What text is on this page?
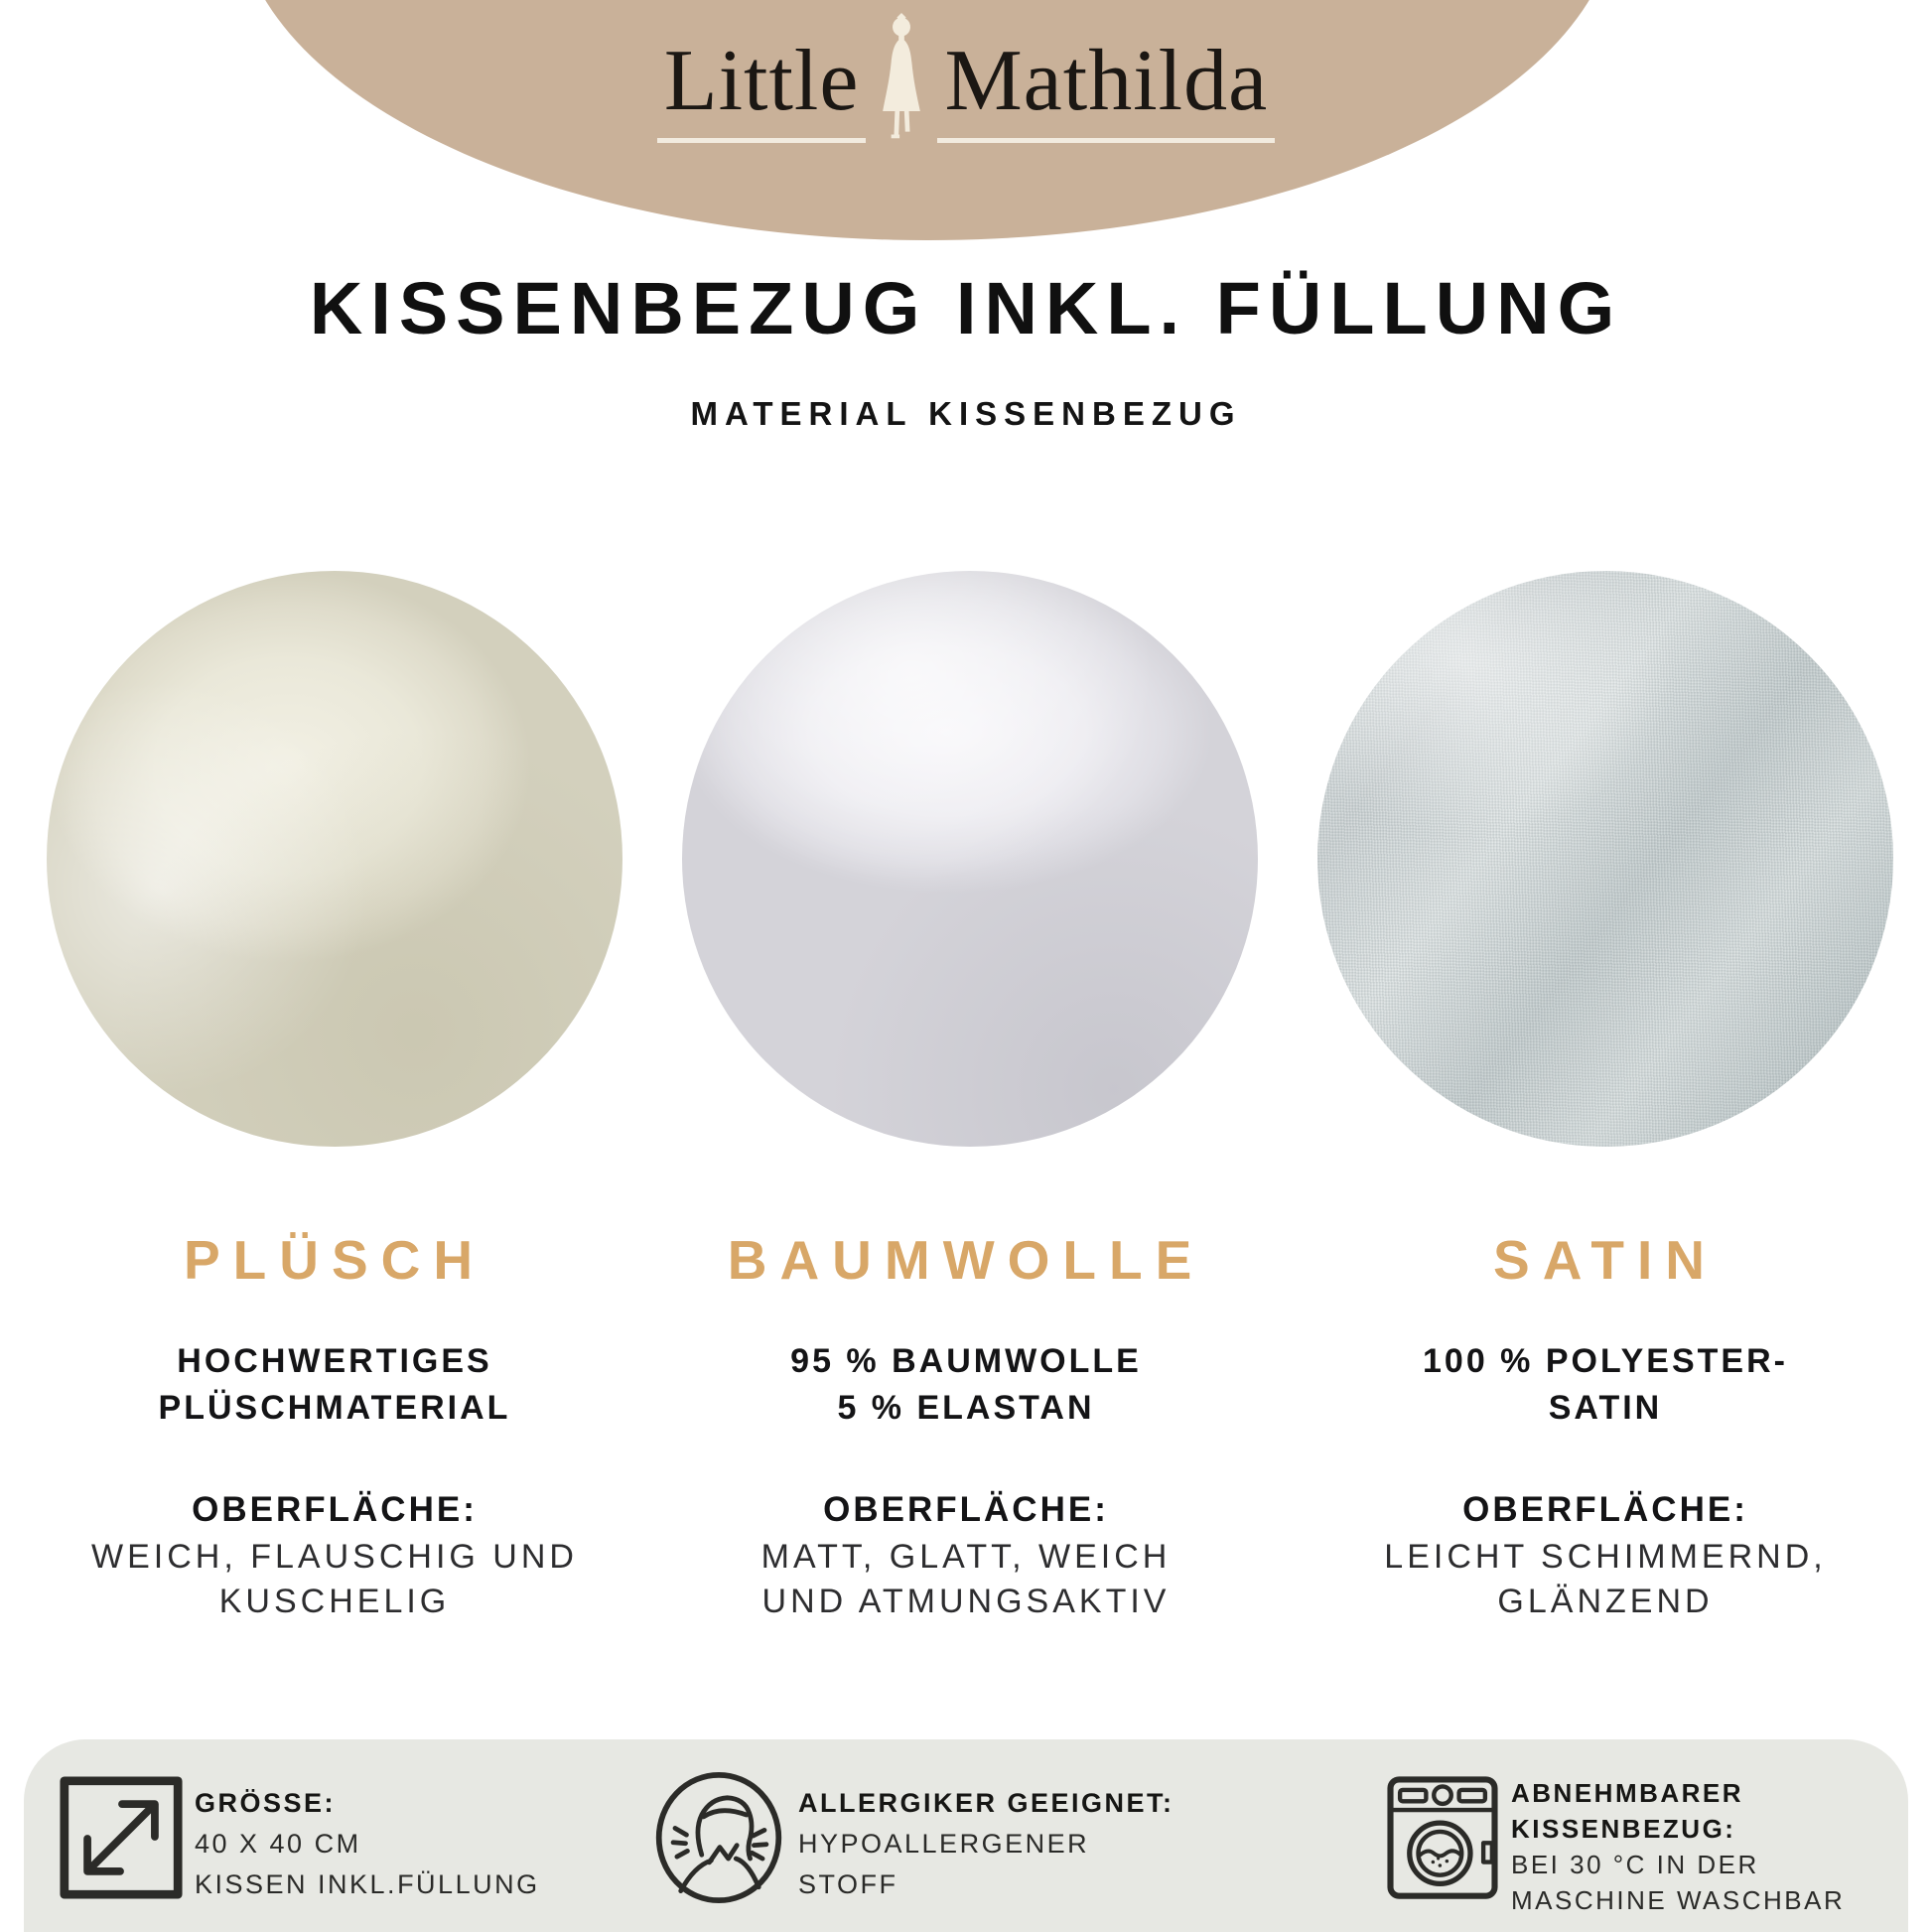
Little Mathilda
KISSENBEZUG INKL. FÜLLUNG
MATERIAL KISSENBEZUG
PLÜSCH
HOCHWERTIGES
PLÜSCHMATERIAL
OBERFLÄCHE:
WEICH, FLAUSCHIG UND
KUSCHELIG
BAUMWOLLE
95 % BAUMWOLLE
5 % ELASTAN
OBERFLÄCHE:
MATT, GLATT, WEICH
UND ATMUNGSAKTIV
SATIN
100 % POLYESTER-
SATIN
OBERFLÄCHE:
LEICHT SCHIMMERND,
GLÄNZEND
GRÖSSE:
40 X 40 CM
KISSEN INKL.FÜLLUNG
ALLERGIKER GEEIGNET:
HYPOALLERGENER
STOFF
ABNEHMBARER
KISSENBEZUG:
BEI 30 °C IN DER
MASCHINE WASCHBAR
